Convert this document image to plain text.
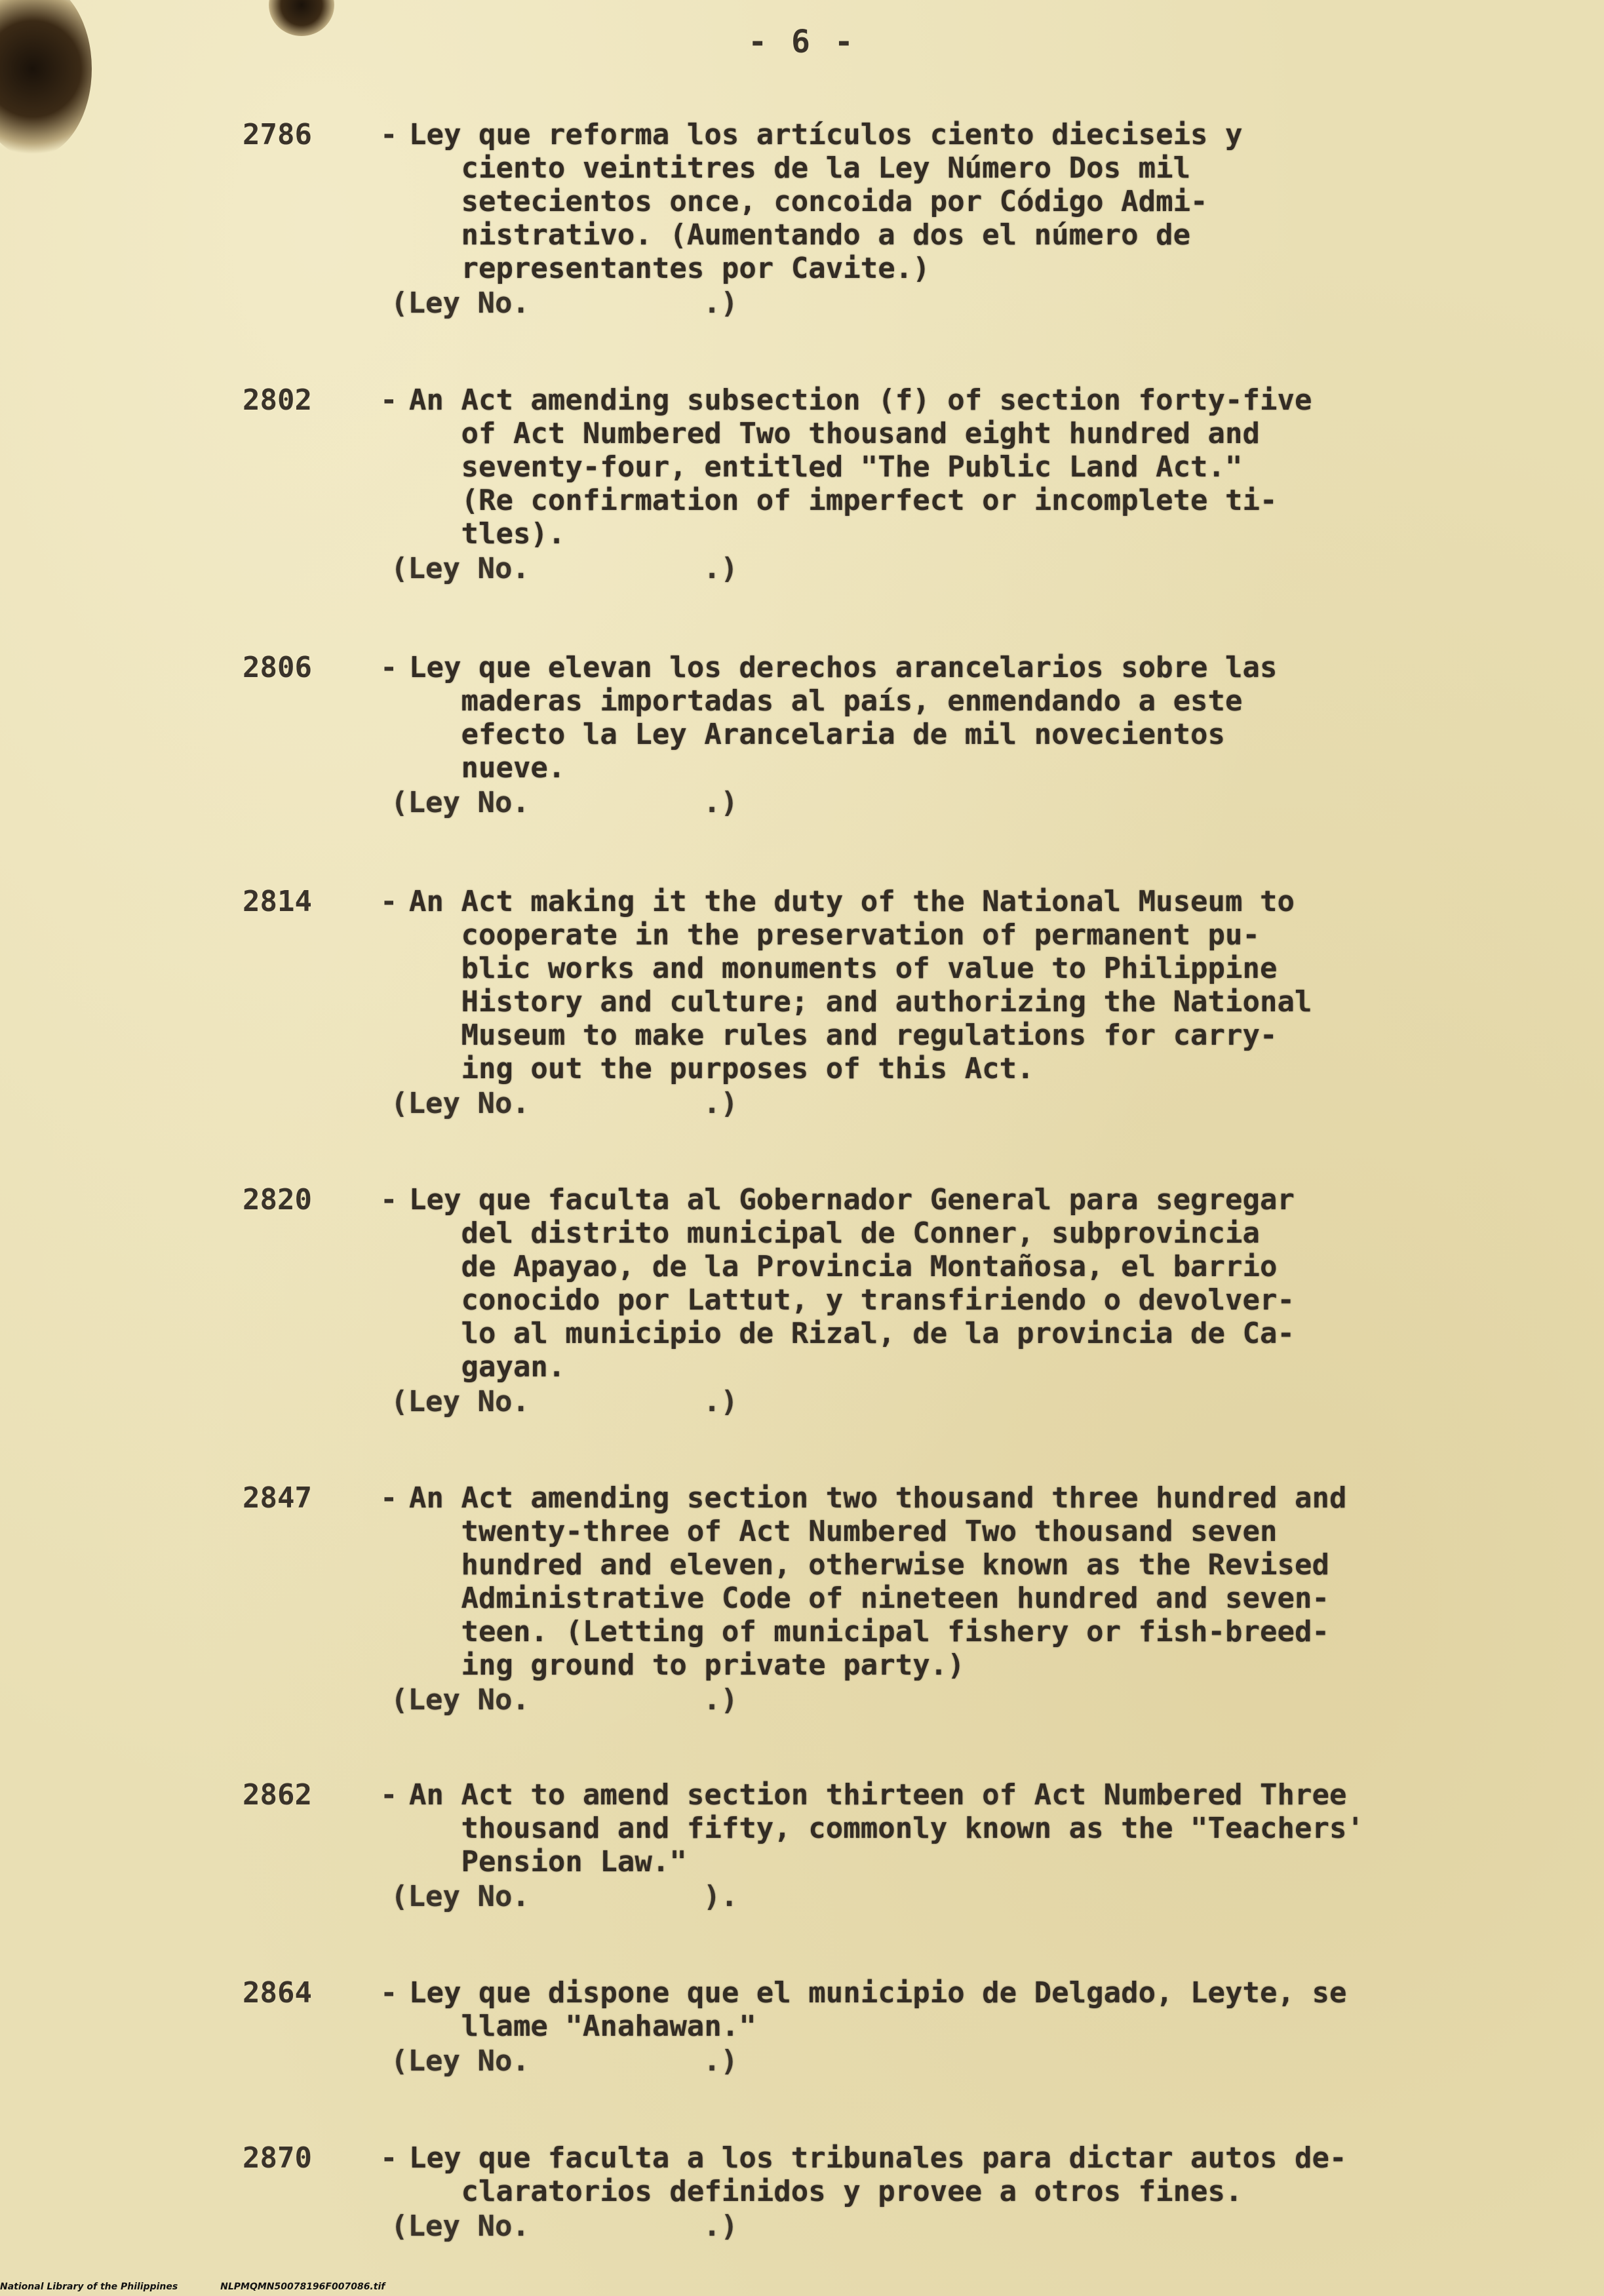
- 6 -
2786	- Ley que reforma los artículos ciento dieciseis y
ciento veintitres de la Ley Número Dos mil
setecientos once, concoida por Código Admi-
nistrativo. (Aumentando a dos el número de
representantes por Cavite.)
(Ley No.          .)
2802	- An Act amending subsection (f) of section forty-five
of Act Numbered Two thousand eight hundred and
seventy-four, entitled "The Public Land Act."
(Re confirmation of imperfect or incomplete ti-
tles).
(Ley No.          .)
2806	- Ley que elevan los derechos arancelarios sobre las
maderas importadas al país, enmendando a este
efecto la Ley Arancelaria de mil novecientos
nueve.
(Ley No.          .)
2814	- An Act making it the duty of the National Museum to
cooperate in the preservation of permanent pu-
blic works and monuments of value to Philippine
History and culture; and authorizing the National
Museum to make rules and regulations for carry-
ing out the purposes of this Act.
(Ley No.          .)
2820	- Ley que faculta al Gobernador General para segregar
del distrito municipal de Conner, subprovincia
de Apayao, de la Provincia Montañosa, el barrio
conocido por Lattut, y transfiriendo o devolver-
lo al municipio de Rizal, de la provincia de Ca-
gayan.
(Ley No.          .)
2847	- An Act amending section two thousand three hundred and
twenty-three of Act Numbered Two thousand seven
hundred and eleven, otherwise known as the Revised
Administrative Code of nineteen hundred and seven-
teen. (Letting of municipal fishery or fish-breed-
ing ground to private party.)
(Ley No.          .)
2862	- An Act to amend section thirteen of Act Numbered Three
thousand and fifty, commonly known as the "Teachers'
Pension Law."
(Ley No.          ).
2864	- Ley que dispone que el municipio de Delgado, Leyte, se
llame "Anahawan."
(Ley No.          .)
2870	- Ley que faculta a los tribunales para dictar autos de-
claratorios definidos y provee a otros fines.
(Ley No.          .)
National Library of the Philippines	NLPMQMN50078196F007086.tif
